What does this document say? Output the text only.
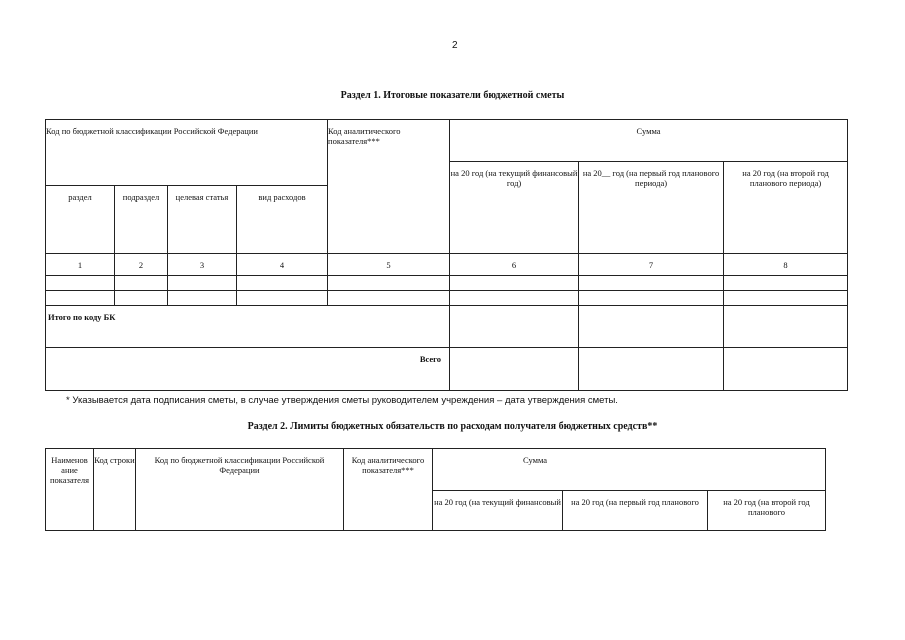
2
Раздел 1. Итоговые показатели бюджетной сметы
Код по бюджетной классификации Российской Федерации				Код аналитического показателя***	Сумма		
					на 20 год (на текущий финансовый год)	на 20__ год (на первый год планового периода)	на 20 год (на второй год планового периода)
раздел	подраздел	целевая статья	вид расходов				
1	2	3	4	5	6	7	8

Итого по коду БК							
Всего							
* Указывается дата подписания сметы, в случае утверждения сметы руководителем учреждения – дата утверждения сметы.
Раздел 2. Лимиты бюджетных обязательств по расходам получателя бюджетных средств**
Наименов ание показателя	Код строки	Код по бюджетной классификации Российской Федерации	Код аналитического показателя***	Сумма		
				на 20 год (на текущий финансовый	на 20 год (на первый год планового	на 20 год (на второй год планового
